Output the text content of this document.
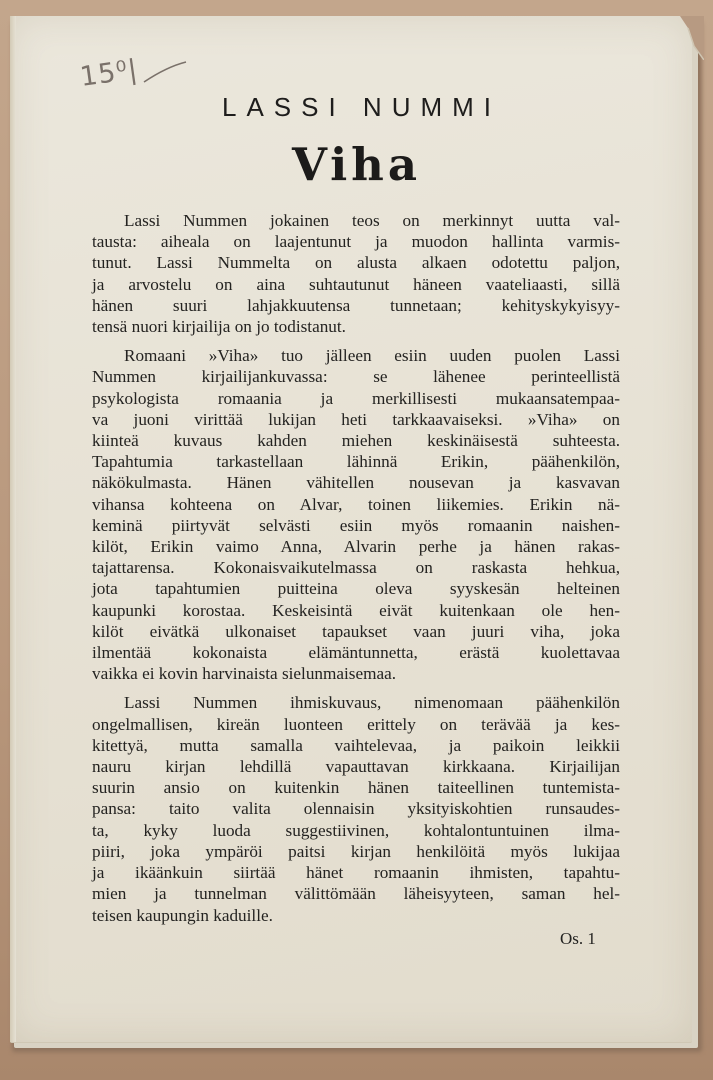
15⁰|
LASSI NUMMI
Viha
Lassi Nummen jokainen teos on merkinnyt uutta val-
tausta: aiheala on laajentunut ja muodon hallinta varmis-
tunut. Lassi Nummelta on alusta alkaen odotettu paljon,
ja arvostelu on aina suhtautunut häneen vaateliaasti, sillä
hänen suuri lahjakkuutensa tunnetaan; kehityskykyisyy-
tensä nuori kirjailija on jo todistanut.
Romaani »Viha» tuo jälleen esiin uuden puolen Lassi
Nummen kirjailijankuvassa: se lähenee perinteellistä
psykologista romaania ja merkillisesti mukaansatempaa-
va juoni virittää lukijan heti tarkkaavaiseksi. »Viha» on
kiinteä kuvaus kahden miehen keskinäisestä suhteesta.
Tapahtumia tarkastellaan lähinnä Erikin, päähenkilön,
näkökulmasta. Hänen vähitellen nousevan ja kasvavan
vihansa kohteena on Alvar, toinen liikemies. Erikin nä-
keminä piirtyvät selvästi esiin myös romaanin naishen-
kilöt, Erikin vaimo Anna, Alvarin perhe ja hänen rakas-
tajattarensa. Kokonaisvaikutelmassa on raskasta hehkua,
jota tapahtumien puitteina oleva syyskesän helteinen
kaupunki korostaa. Keskeisintä eivät kuitenkaan ole hen-
kilöt eivätkä ulkonaiset tapaukset vaan juuri viha, joka
ilmentää kokonaista elämäntunnetta, erästä kuolettavaa
vaikka ei kovin harvinaista sielunmaisemaa.
Lassi Nummen ihmiskuvaus, nimenomaan päähenkilön
ongelmallisen, kireän luonteen erittely on terävää ja kes-
kitettyä, mutta samalla vaihtelevaa, ja paikoin leikkii
nauru kirjan lehdillä vapauttavan kirkkaana. Kirjailijan
suurin ansio on kuitenkin hänen taiteellinen tuntemista-
pansa: taito valita olennaisin yksityiskohtien runsaudes-
ta, kyky luoda suggestiivinen, kohtalontuntuinen ilma-
piiri, joka ympäröi paitsi kirjan henkilöitä myös lukijaa
ja ikäänkuin siirtää hänet romaanin ihmisten, tapahtu-
mien ja tunnelman välittömään läheisyyteen, saman hel-
teisen kaupungin kaduille.
Os. 1
